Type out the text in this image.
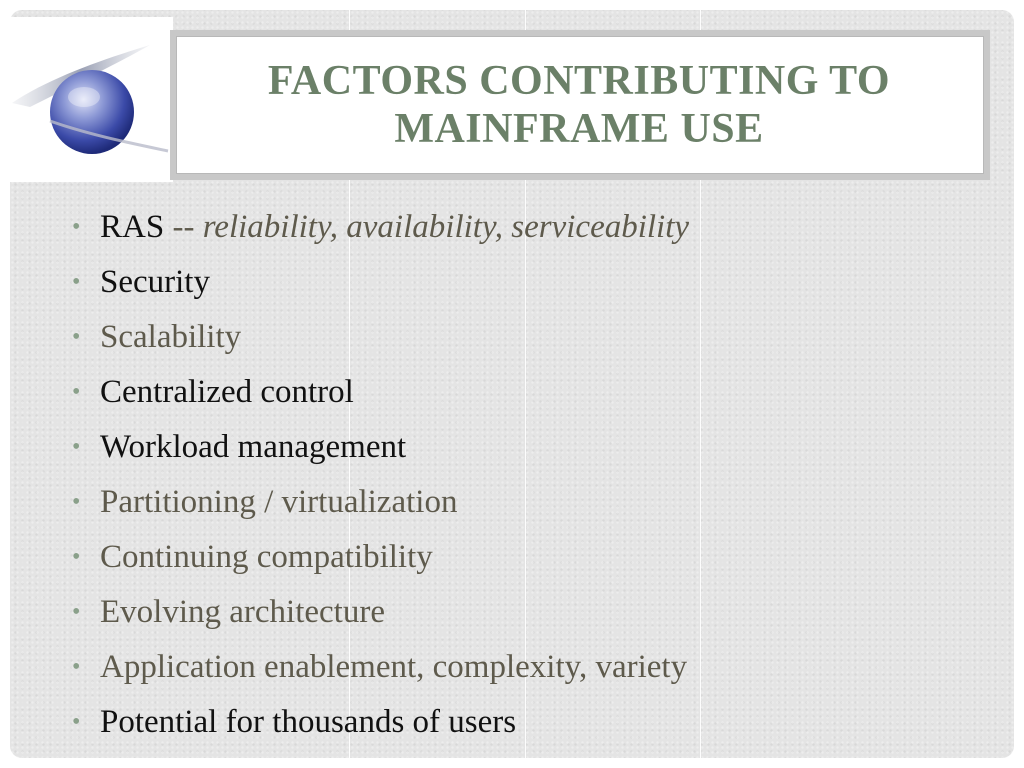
FACTORS CONTRIBUTING TO MAINFRAME USE
• RAS -- reliability, availability, serviceability
• Security
• Scalability
• Centralized control
• Workload management
• Partitioning / virtualization
• Continuing compatibility
• Evolving architecture
• Application enablement, complexity, variety
• Potential for thousands of users
